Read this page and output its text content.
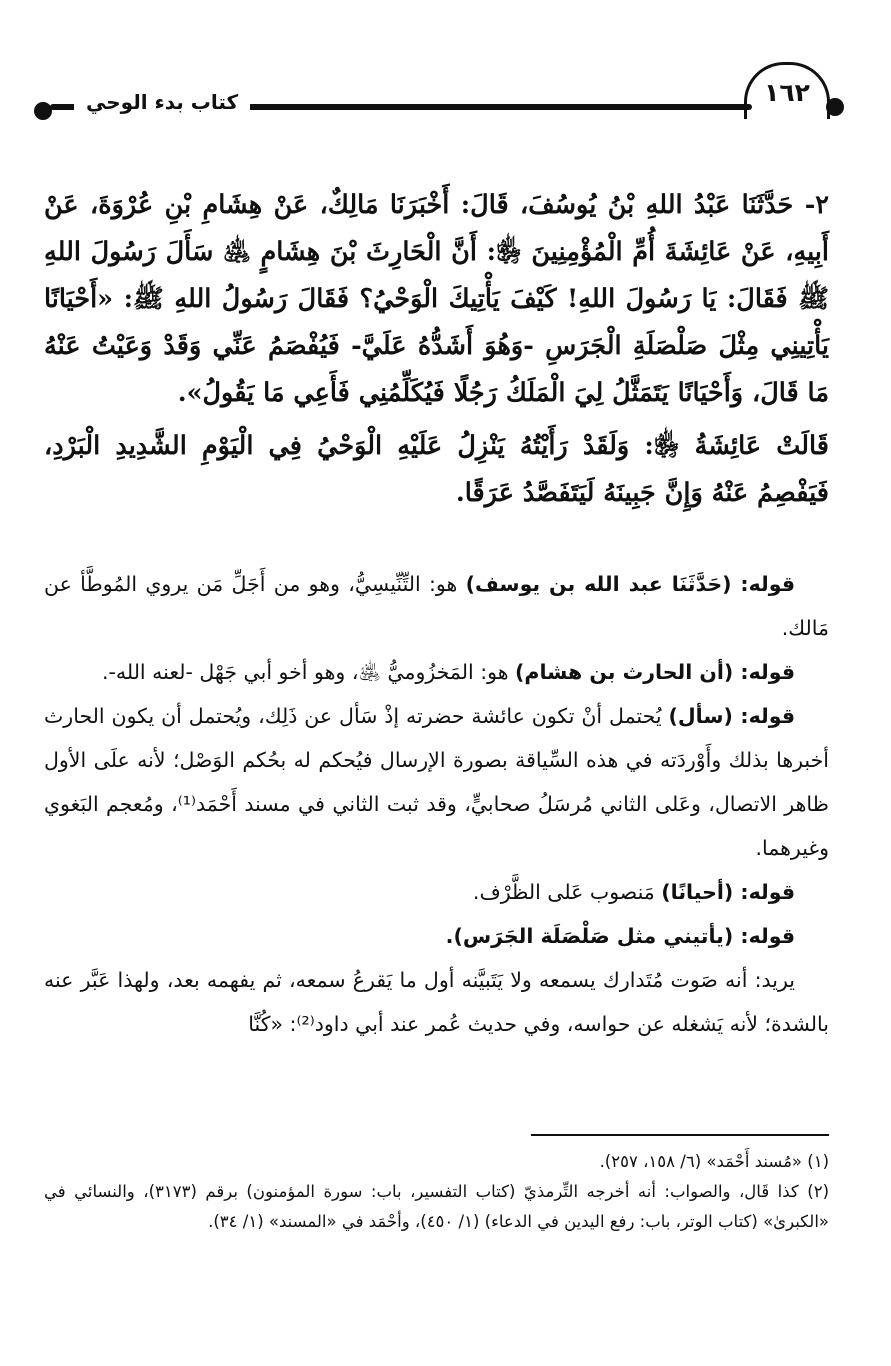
١٦٢
كتاب بدء الوحي

٢- حَدَّثَنَا عَبْدُ اللهِ بْنُ يُوسُفَ، قَالَ: أَخْبَرَنَا مَالِكٌ، عَنْ هِشَامِ بْنِ عُرْوَةَ، عَنْ أَبِيهِ، عَنْ عَائِشَةَ أُمِّ الْمُؤْمِنِينَ ﵂: أَنَّ الْحَارِثَ بْنَ هِشَامٍ ﵁ سَأَلَ رَسُولَ اللهِ ﷺ فَقَالَ: يَا رَسُولَ اللهِ! كَيْفَ يَأْتِيكَ الْوَحْيُ؟ فَقَالَ رَسُولُ اللهِ ﷺ: «أَحْيَانًا يَأْتِينِي مِثْلَ صَلْصَلَةِ الْجَرَسِ -وَهُوَ أَشَدُّهُ عَلَيَّ- فَيُفْصَمُ عَنِّي وَقَدْ وَعَيْتُ عَنْهُ مَا قَالَ، وَأَحْيَانًا يَتَمَثَّلُ لِيَ الْمَلَكُ رَجُلًا فَيُكَلِّمُنِي فَأَعِي مَا يَقُولُ».

قَالَتْ عَائِشَةُ ﵂: وَلَقَدْ رَأَيْتُهُ يَنْزِلُ عَلَيْهِ الْوَحْيُ فِي الْيَوْمِ الشَّدِيدِ الْبَرْدِ، فَيَفْصِمُ عَنْهُ وَإِنَّ جَبِينَهُ لَيَتَفَصَّدُ عَرَقًا.

قوله: (حَدَّثَنَا عبد الله بن يوسف) هو: التِّنِّيسِيُّ، وهو من أَجَلِّ مَن يروي المُوطَّأ عن مَالك.

قوله: (أن الحارث بن هشام) هو: المَخزُوميُّ ﵁، وهو أخو أبي جَهْل -لعنه الله-.

قوله: (سأل) يُحتمل أنْ تكون عائشة حضرته إذْ سَأل عن ذَلِك، ويُحتمل أن يكون الحارث أخبرها بذلك وأَوْردَته في هذه السِّياقة بصورة الإرسال فيُحكم له بحُكم الوَصْل؛ لأنه علَى الأول ظاهر الاتصال، وعَلى الثاني مُرسَلُ صحابيٍّ، وقد ثبت الثاني في مسند أَحْمَد⁽¹⁾، ومُعجم البَغوي وغيرهما.

قوله: (أحيانًا) مَنصوب عَلى الظَّرْف.

قوله: (يأتيني مثل صَلْصَلَة الجَرَس).

يريد: أنه صَوت مُتَدارك يسمعه ولا يَتَبيَّنه أول ما يَقرعُ سمعه، ثم يفهمه بعد، ولهذا عَبَّر عنه بالشدة؛ لأنه يَشغله عن حواسه، وفي حديث عُمر عند أبي داود⁽²⁾: «كُنَّا

(١) «مُسند أَحْمَد» (٦/ ١٥٨، ٢٥٧).

(٢) كذا قَال، والصواب: أنه أخرجه التِّرمذيّ (كتاب التفسير، باب: سورة المؤمنون) برقم (٣١٧٣)، والنسائي في «الكبرىٰ» (كتاب الوتر، باب: رفع اليدين في الدعاء) (١/ ٤٥٠)، وأحْمَد في «المسند» (١/ ٣٤).
